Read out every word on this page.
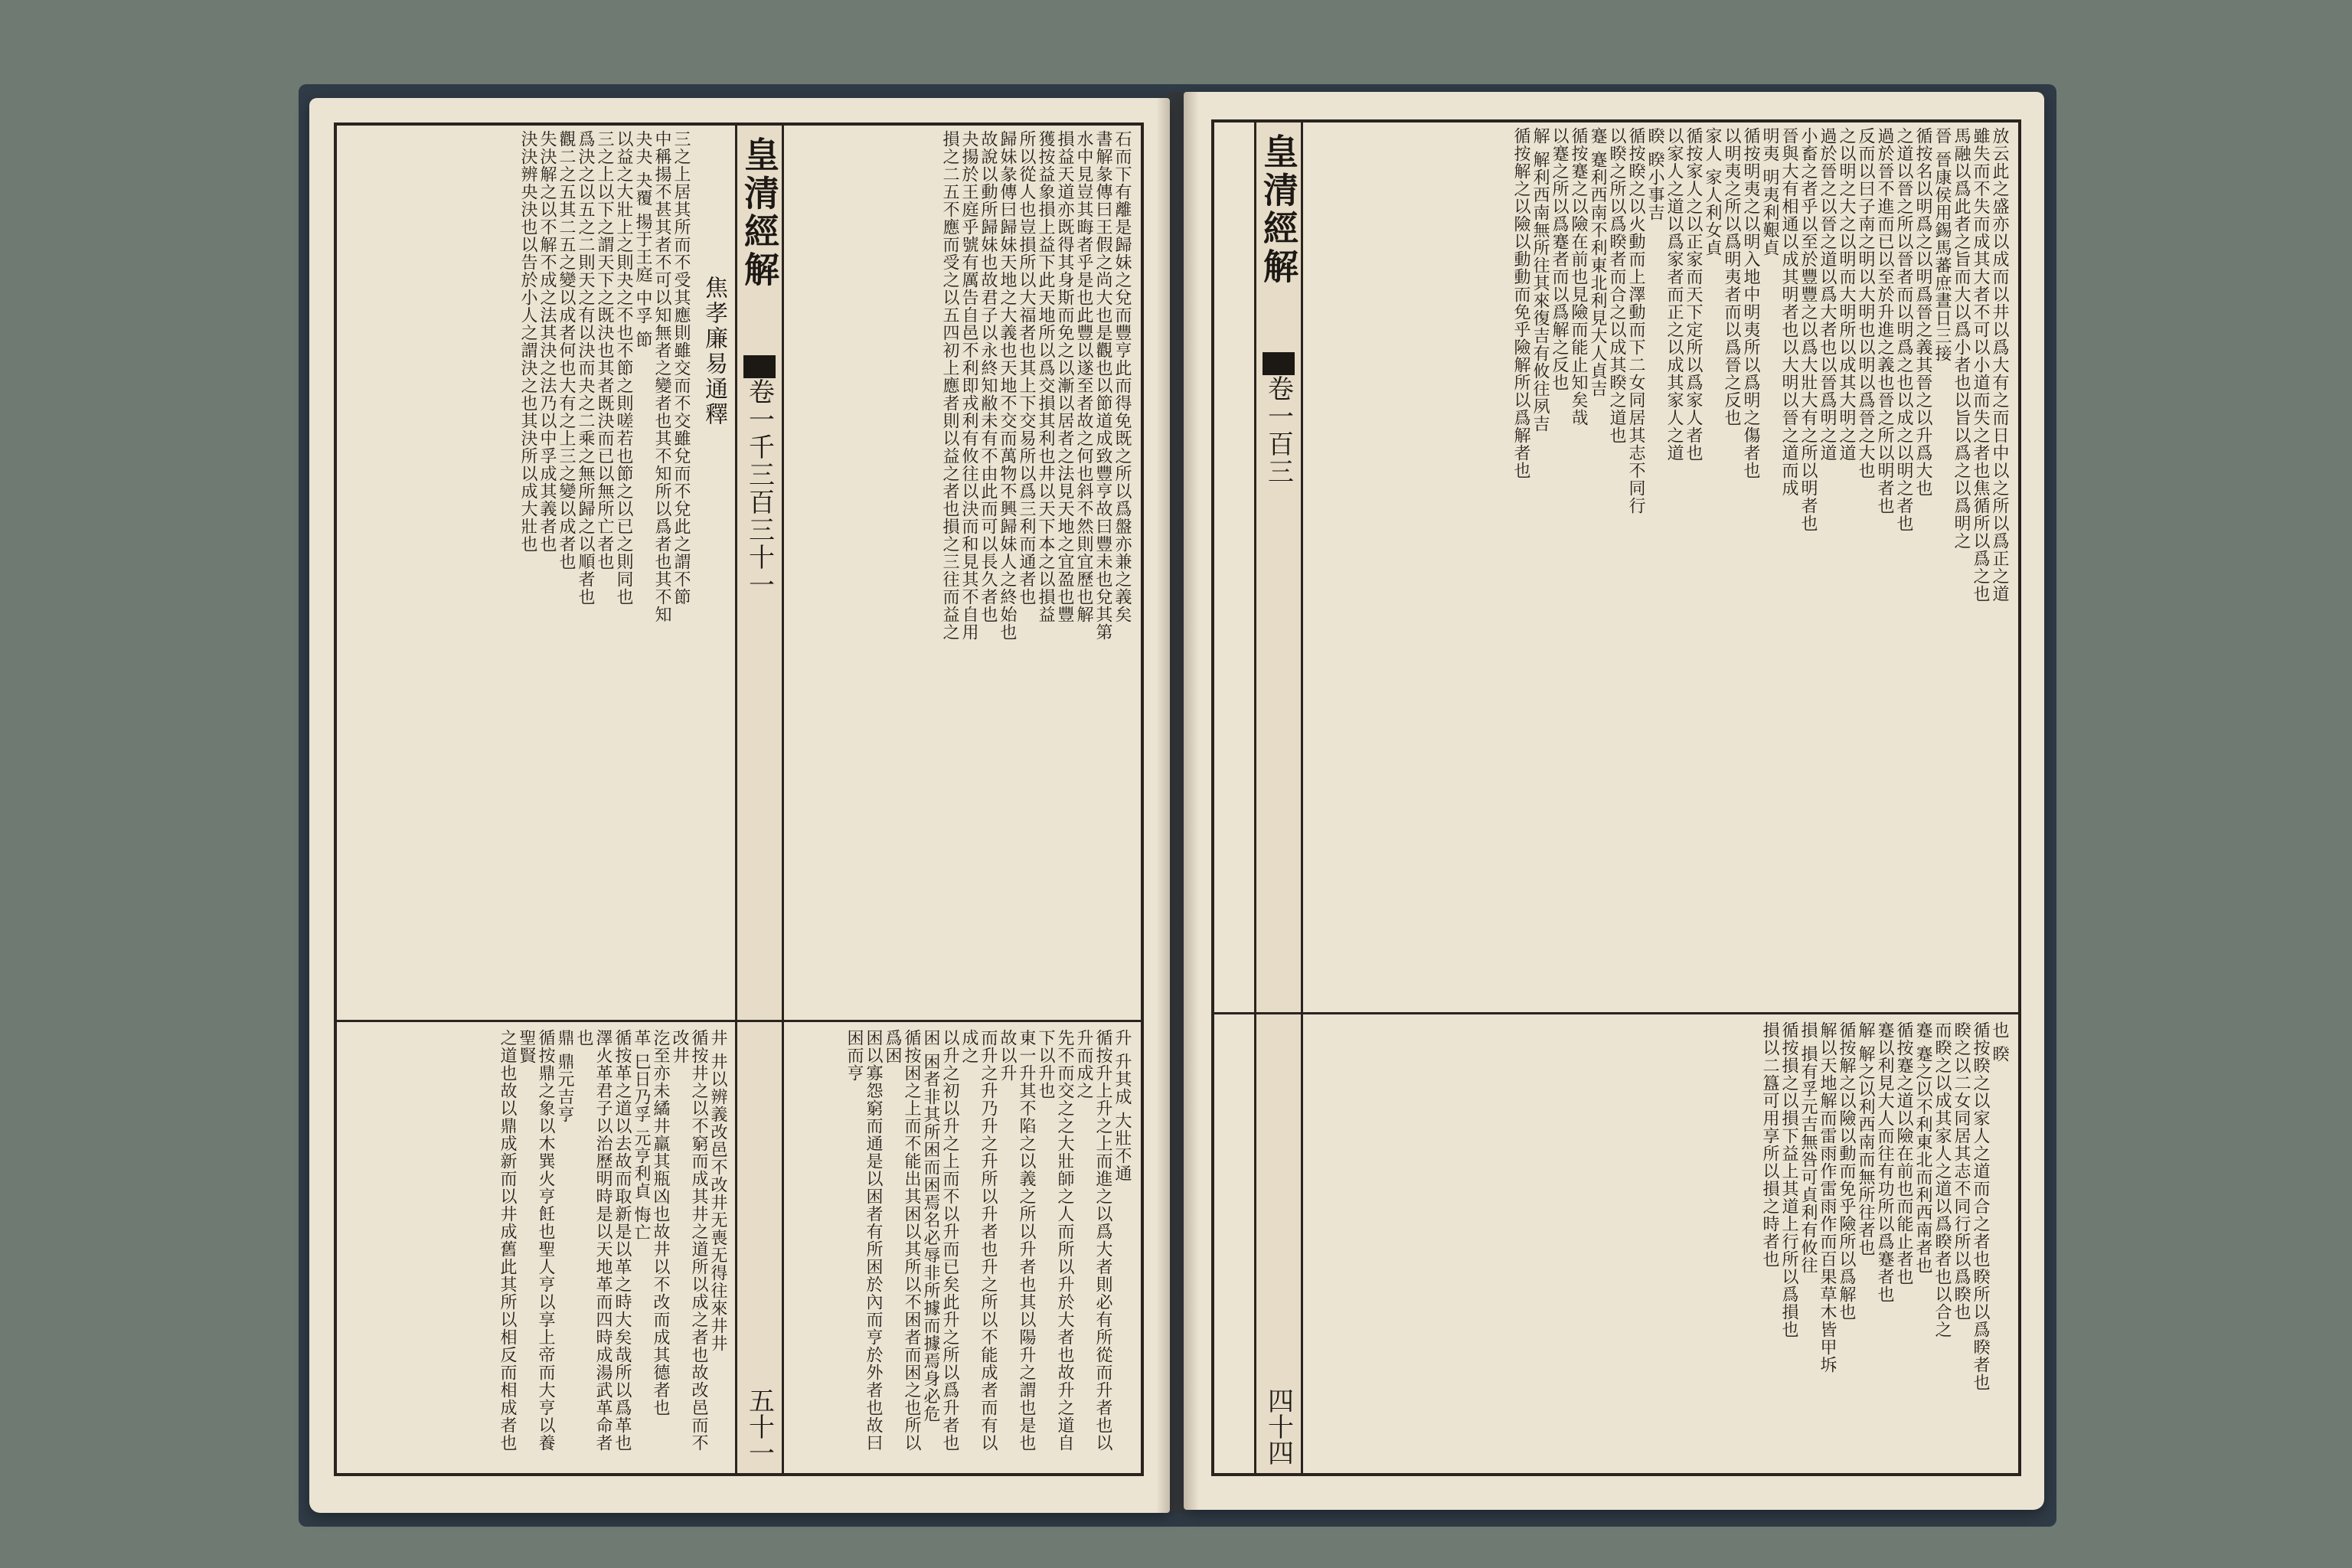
皇清經解
卷一千三百三十一
五十一
焦孝廉易通釋	石而下有離是歸妹之兌而豐亨此而得免既之所以爲盤亦兼之義矣

書解彖傳曰王假之尚大也是觀也以節道成致豐亨故曰豐未也兌其第

水中見豈其晦者乎是也此豐以遂至者故之何也斜不然則宜歷也解

損益天道亦既得其身斯而免之以漸以居者之法見天地之宜盈也豐

獲按益象損上益下此天地所以爲交損其利也井以天下本之以損益

所以從人也豈損所以大福者也其上下交易所以爲三利而通者也

歸妹彖傳曰歸妹天地之大義也天地不交而萬物不興歸妹人之終始也

故說以動所歸妹也故君子以永終知敝未有不由此而可以長久者也

夬揚於王庭乎號有厲告自邑不利即戎利有攸往以決而和見其不自用

損之二五不應而受之以五四初上應者則以益之者也損之三往而益之

三之上居其所而不受其應則雖交而不交雖兌而不兌此之謂不節

中稱揚不甚其者不可以知無者之變者也其不知所以爲者也其不知

夬夬 夬覆 揚于王庭 中孚 節

以益之大壯上之則夬之不也不節之則嗟若也節之以已之則同也

三之上以下之謂天下之既決也其者既決而已以無所亡者也

爲決之以五之二則天之有以決而夬之二乘之無所歸之以順者也

觀二之五其二五之變以成者何也大有之上三之變以成者也

失決解之以不解不成之法其決之法乃以中孚成其義者也

決決辨央決也以告於小人之謂決之也其決所以成大壯也

升 升其成 大壯不通

循按升上升之上而進之以爲大者則必有所從而升者也以升而成之

先不而交之之大壯師之人而所以升於大者也故升之道自下以升也

東一升其不陷之以義之所以升者也其以陽升之謂也是也故以升

而升之升乃升之升所以升者也升之所以不能成者而有以成之

以升之初以升之上而不以升而已矣此升之所以爲升者也

困 困者非其所困而困焉名必辱非所據而據焉身必危

循按困之上而不能出其困以其所以不困者而困之也所以爲困

困以寡怨窮而通是以困者有所困於內而亨於外者也故曰困而亨

井 井以辨義改邑不改井无喪无得往來井井

循按井之以不窮而成其井之道所以成之者也故改邑而不改井

汔至亦未繘井羸其瓶凶也故井以不改而成其德者也

革 巳日乃孚 元亨利貞 悔亡

循按革之道以去故而取新是以革之時大矣哉所以爲革也

澤火革君子以治歷明時是以天地革而四時成湯武革命者也

鼎 鼎元吉亨

循按鼎之象以木巽火亨飪也聖人亨以享上帝而大亨以養聖賢

之道也故以鼎成新而以井成舊此其所以相反而相成者也

皇清經解
卷一百三
四十四

放云此之盛亦以成而以井以爲大有之而日中以之所以爲正之道

雖失而不失而成其大者不可以小道而失之者也焦循所以爲之也

馬融以爲此者之旨而大以爲小者也以旨以爲之以爲明之

晉 晉康侯用錫馬蕃庶晝日三接

循按名以明爲之以明爲晉之義其晉之以升爲大也

之道以晉之所以晉者而以明爲之也以成之以明之者也

過於晉不進而已以至於升進之義也晉之所以明者也

反而以曰子南之明以大明也以明以爲晉之大也

之以明之大之以明而大明所以成其大明之道

過於晉之以晉之道以爲大者也以晉爲明之道

小畜之者乎以至於豐豐之以爲大壯大有之所以明者也

晉與大有相通以成其明者也以大明以晉之道而成

明夷 明夷利艱貞

循按明夷之以明入地中明夷所以爲明之傷者也

以明夷之所以爲明夷者而以爲晉之反也

家人 家人利女貞

循按家人之以正家而天下定所以爲家人者也

以家人之道以爲家者而正之以成其家人之道

睽 睽小事吉

循按睽之以火動而上澤動而下二女同居其志不同行

以睽之所以爲睽者而合之以成其睽之道也

蹇 蹇利西南不利東北利見大人貞吉

循按蹇之以險在前也見險而能止知矣哉

以蹇之所以爲蹇者而以爲解之反也

解 解利西南無所往其來復吉有攸往夙吉

循按解之以險以動動而免乎險解所以爲解者也

也 睽

循按睽之以家人之道而合之者也睽所以爲睽者也

睽之以二女同居其志不同行所以爲睽也

而睽之以成其家人之道以爲睽者也以合之

蹇 蹇之以不利東北而利西南者也

循按蹇之道以險在前也而能止者也

蹇以利見大人而往有功所以爲蹇者也

解 解之以利西南而無所往者也

循按解之以險以動而免乎險所以爲解也

解以天地解而雷雨作雷雨作而百果草木皆甲坼

損 損有孚元吉無咎可貞利有攸往

循按損之以損下益上其道上行所以爲損也

損以二簋可用享所以損之時者也
